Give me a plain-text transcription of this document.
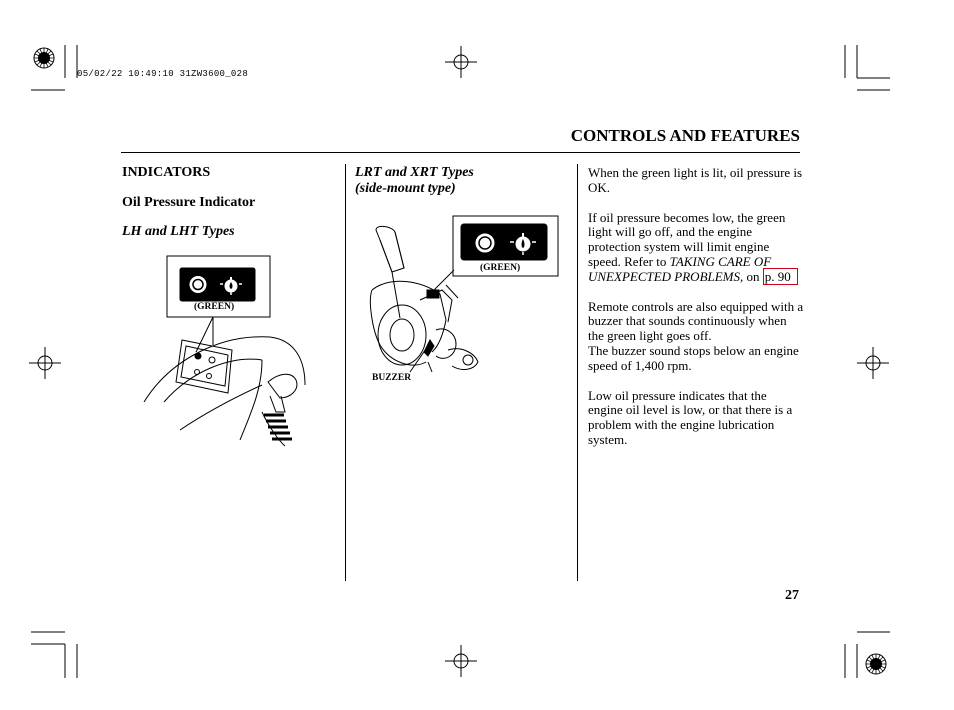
05/02/22 10:49:10 31ZW3600_028
CONTROLS AND FEATURES
INDICATORS
Oil Pressure Indicator
LH and LHT Types
(GREEN)
LRT and XRT Types
(side-mount type)
(GREEN)
BUZZER

When the green light is lit, oil pressure is OK.

If oil pressure becomes low, the green light will go off, and the engine protection system will limit engine speed. Refer to TAKING CARE OF UNEXPECTED PROBLEMS, on p. 90

Remote controls are also equipped with a buzzer that sounds continuously when the green light goes off.

The buzzer sound stops below an engine speed of 1,400 rpm.

Low oil pressure indicates that the engine oil level is low, or that there is a problem with the engine lubrication system.

27
